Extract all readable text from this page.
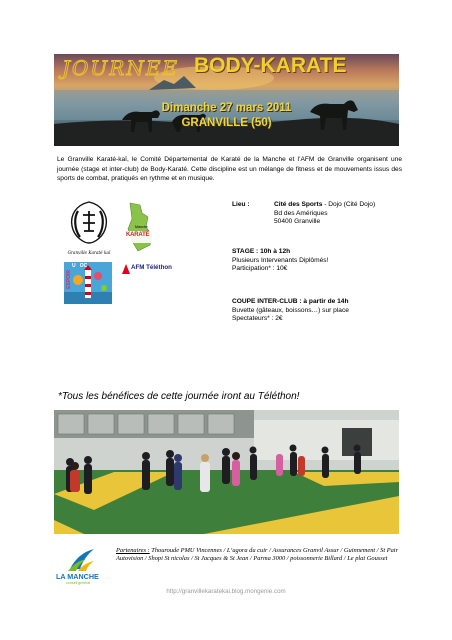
JOURNEE BODY-KARATE
Dimanche 27 mars 2011
GRANVILLE (50)

Le Granville Karaté-kaï, le Comité Départemental de Karaté de la Manche et l’AFM de Granville organisent une journée (stage et inter-club) de Body-Karaté. Cette discipline est un mélange de fitness et de mouvements issus des sports de combat, pratiqués en rythme et en musique.

Granville Karaté kaï
Manche
KARATÉ
ESPOIR
U   OC	AFM Téléthon
Lieu :	Cité des Sports - Dojo (Cité Dojo)
Bd des Amériques
50400 Granville
STAGE : 10h à 12h
Plusieurs Intervenants Diplômés!
Participation* : 10€
COUPE INTER-CLUB : à partir de 14h
Buvette (gâteaux, boissons…) sur place
Spectateurs* : 2€
*Tous les bénéfices de cette journée iront au Téléthon!
LA MANCHE
conseil général
Partenaires : Thouroude PMU Vincennes / L’agora du cuir / Assurances Granvil Assur / Guinnement / St Pair Autovision / Shopi St nicolas / St Jacques & St Jean / Parma 3000 / poissonnerie Billard / Le plat Gousset
http://granvillekaratekai.blog.mongenie.com
